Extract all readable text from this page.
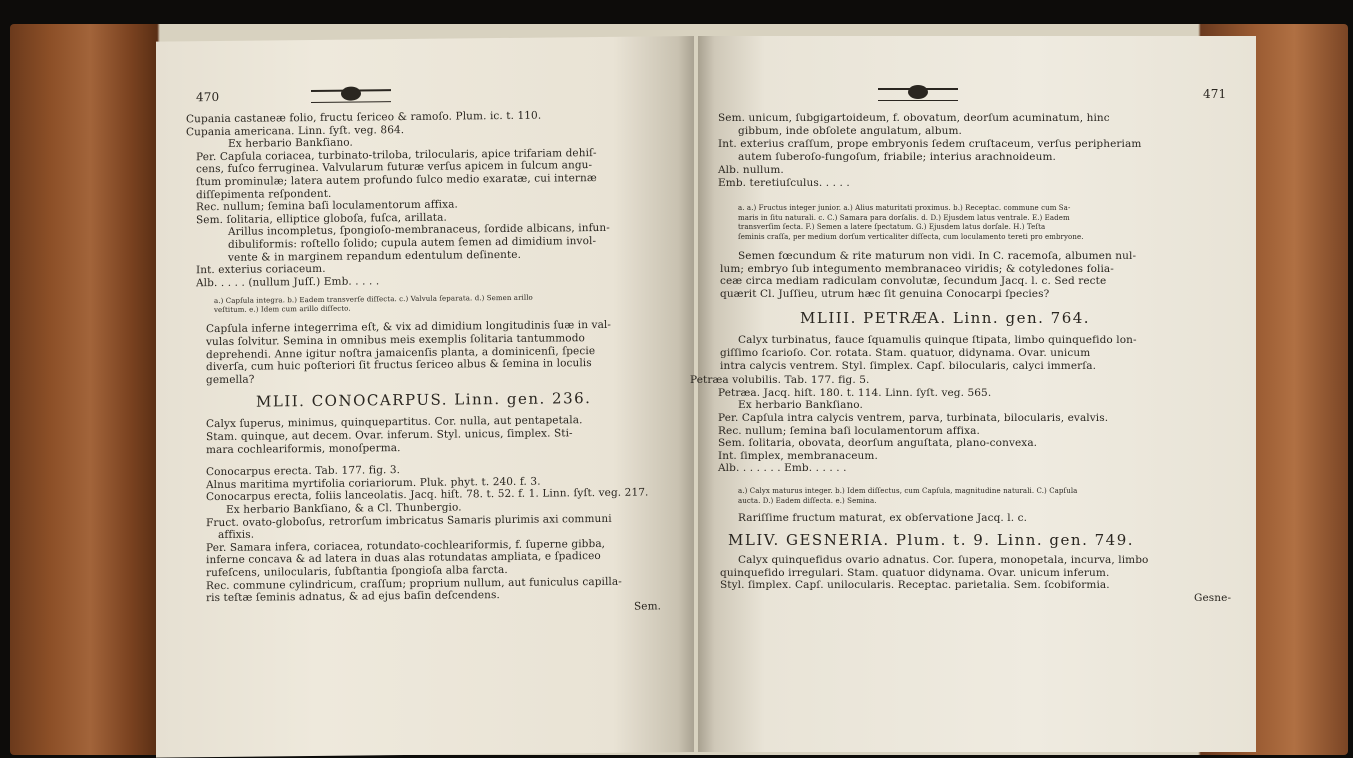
470
Cupania castaneæ folio, fructu ſericeo & ramoſo. Plum. ic. t. 110.
Cupania americana. Linn. ſyſt. veg. 864.
Ex herbario Bankſiano.
Per. Capſula coriacea, turbinato-triloba, trilocularis, apice trifariam dehiſ-
cens, fuſco ferruginea. Valvularum futuræ verſus apicem in ſulcum angu-
ſtum prominulæ; latera autem profundo ſulco medio exaratæ, cui internæ
diſſepimenta reſpondent.
Rec. nullum; ſemina baſi loculamentorum affixa.
Sem. ſolitaria, elliptice globoſa, fuſca, arillata.
Arillus incompletus, ſpongioſo-membranaceus, ſordide albicans, infun-
dibuliformis: roſtello ſolido; cupula autem ſemen ad dimidium invol-
vente & in marginem repandum edentulum deſinente.
Int. exterius coriaceum.
Alb. . . . . (nullum Juſſ.) Emb. . . . .
a.) Capſula integra. b.) Eadem transverſe diſſecta. c.) Valvula ſeparata. d.) Semen arillo
veſtitum. e.) Idem cum arillo diſſecto.
Capſula inferne integerrima eſt, & vix ad dimidium longitudinis ſuæ in val-
vulas ſolvitur. Semina in omnibus meis exemplis ſolitaria tantummodo
deprehendi. Anne igitur noſtra jamaicenſis planta, a dominicenſi, ſpecie
diverſa, cum huic poſteriori ſit fructus ſericeo albus & ſemina in loculis
gemella?
MLII. CONOCARPUS. Linn. gen. 236.
Calyx ſuperus, minimus, quinquepartitus. Cor. nulla, aut pentapetala.
Stam. quinque, aut decem. Ovar. inferum. Styl. unicus, ſimplex. Sti-
mara cochleariformis, monoſperma.
Conocarpus erecta. Tab. 177. fig. 3.
Alnus maritima myrtifolia coriariorum. Pluk. phyt. t. 240. f. 3.
Conocarpus erecta, foliis lanceolatis. Jacq. hiſt. 78. t. 52. f. 1. Linn. ſyſt. veg. 217.
Ex herbario Bankſiano, & a Cl. Thunbergio.
Fruct. ovato-globoſus, retrorſum imbricatus Samaris plurimis axi communi
affixis.
Per. Samara infera, coriacea, rotundato-cochleariformis, f. ſuperne gibba,
inferne concava & ad latera in duas alas rotundatas ampliata, e ſpadiceo
rufeſcens, unilocularis, ſubſtantia ſpongioſa alba farcta.
Rec. commune cylindricum, craſſum; proprium nullum, aut funiculus capilla-
ris teſtæ ſeminis adnatus, & ad ejus baſin deſcendens.
Sem.
471
Sem. unicum, ſubgigartoideum, f. obovatum, deorſum acuminatum, hinc
gibbum, inde obſolete angulatum, album.
Int. exterius craſſum, prope embryonis ſedem cruſtaceum, verſus peripheriam
autem ſuberoſo-fungoſum, friabile; interius arachnoideum.
Alb. nullum.
Emb. teretiuſculus. . . . .
a. a.) Fructus integer junior. a.) Alius maturitati proximus. b.) Receptac. commune cum Sa-
maris in ſitu naturali. c. C.) Samara para dorſalis. d. D.) Ejusdem latus ventrale. E.) Eadem
transverſim ſecta. F.) Semen a latere ſpectatum. G.) Ejusdem latus dorſale. H.) Teſta
ſeminis craſſa, per medium dorſum verticaliter diſſecta, cum loculamento tereti pro embryone.
Semen fœcundum & rite maturum non vidi. In C. racemoſa, albumen nul-
lum; embryo ſub integumento membranaceo viridis; & cotyledones folia-
ceæ circa mediam radiculam convolutæ, ſecundum Jacq. l. c. Sed recte
quærit Cl. Juſſieu, utrum hæc ſit genuina Conocarpi ſpecies?
MLIII. PETRÆA. Linn. gen. 764.
Calyx turbinatus, fauce ſquamulis quinque ſtipata, limbo quinquefido lon-
giſſimo ſcarioſo. Cor. rotata. Stam. quatuor, didynama. Ovar. unicum
intra calycis ventrem. Styl. ſimplex. Capſ. bilocularis, calyci immerſa.
Petræa volubilis. Tab. 177. fig. 5.
Petræa. Jacq. hiſt. 180. t. 114. Linn. ſyſt. veg. 565.
Ex herbario Bankſiano.
Per. Capſula intra calycis ventrem, parva, turbinata, bilocularis, evalvis.
Rec. nullum; ſemina baſi loculamentorum affixa.
Sem. ſolitaria, obovata, deorſum anguſtata, plano-convexa.
Int. ſimplex, membranaceum.
Alb. . . . . . . Emb. . . . . .
a.) Calyx maturus integer. b.) Idem diſſectus, cum Capſula, magnitudine naturali. C.) Capſula
aucta. D.) Eadem diſſecta. e.) Semina.
Rariſſime fructum maturat, ex obſervatione Jacq. l. c.
MLIV. GESNERIA. Plum. t. 9. Linn. gen. 749.
Calyx quinquefidus ovario adnatus. Cor. ſupera, monopetala, incurva, limbo
quinquefido irregulari. Stam. quatuor didynama. Ovar. unicum inferum.
Styl. ſimplex. Capſ. unilocularis. Receptac. parietalia. Sem. ſcobiformia.
Gesne-
